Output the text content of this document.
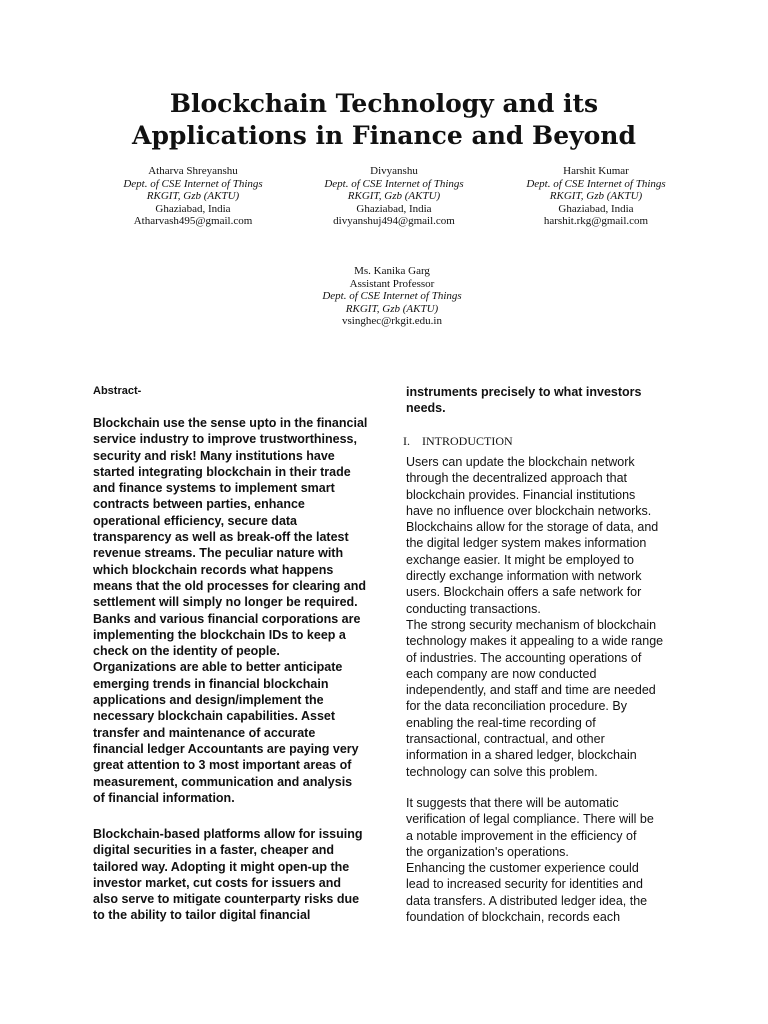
Blockchain Technology and its
Applications in Finance and Beyond
Atharva Shreyanshu
Dept. of CSE Internet of Things
RKGIT, Gzb (AKTU)
Ghaziabad, India
Atharvash495@gmail.com
Divyanshu
Dept. of CSE Internet of Things
RKGIT, Gzb (AKTU)
Ghaziabad, India
divyanshuj494@gmail.com
Harshit Kumar
Dept. of CSE Internet of Things
RKGIT, Gzb (AKTU)
Ghaziabad, India
harshit.rkg@gmail.com
Ms. Kanika Garg
Assistant Professor
Dept. of CSE Internet of Things
RKGIT, Gzb (AKTU)
vsinghec@rkgit.edu.in
Abstract-
Blockchain use the sense upto in the financial
service industry to improve trustworthiness,
security and risk! Many institutions have
started integrating blockchain in their trade
and finance systems to implement smart
contracts between parties, enhance
operational efficiency, secure data
transparency as well as break-off the latest
revenue streams. The peculiar nature with
which blockchain records what happens
means that the old processes for clearing and
settlement will simply no longer be required.
Banks and various financial corporations are
implementing the blockchain IDs to keep a
check on the identity of people.
Organizations are able to better anticipate
emerging trends in financial blockchain
applications and design/implement the
necessary blockchain capabilities. Asset
transfer and maintenance of accurate
financial ledger Accountants are paying very
great attention to 3 most important areas of
measurement, communication and analysis
of financial information.
Blockchain-based platforms allow for issuing
digital securities in a faster, cheaper and
tailored way. Adopting it might open-up the
investor market, cut costs for issuers and
also serve to mitigate counterparty risks due
to the ability to tailor digital financial
instruments precisely to what investors
needs.
I. INTRODUCTION
Users can update the blockchain network
through the decentralized approach that
blockchain provides. Financial institutions
have no influence over blockchain networks.
Blockchains allow for the storage of data, and
the digital ledger system makes information
exchange easier. It might be employed to
directly exchange information with network
users. Blockchain offers a safe network for
conducting transactions.
The strong security mechanism of blockchain
technology makes it appealing to a wide range
of industries. The accounting operations of
each company are now conducted
independently, and staff and time are needed
for the data reconciliation procedure. By
enabling the real-time recording of
transactional, contractual, and other
information in a shared ledger, blockchain
technology can solve this problem.
It suggests that there will be automatic
verification of legal compliance. There will be
a notable improvement in the efficiency of
the organization's operations.
Enhancing the customer experience could
lead to increased security for identities and
data transfers. A distributed ledger idea, the
foundation of blockchain, records each
